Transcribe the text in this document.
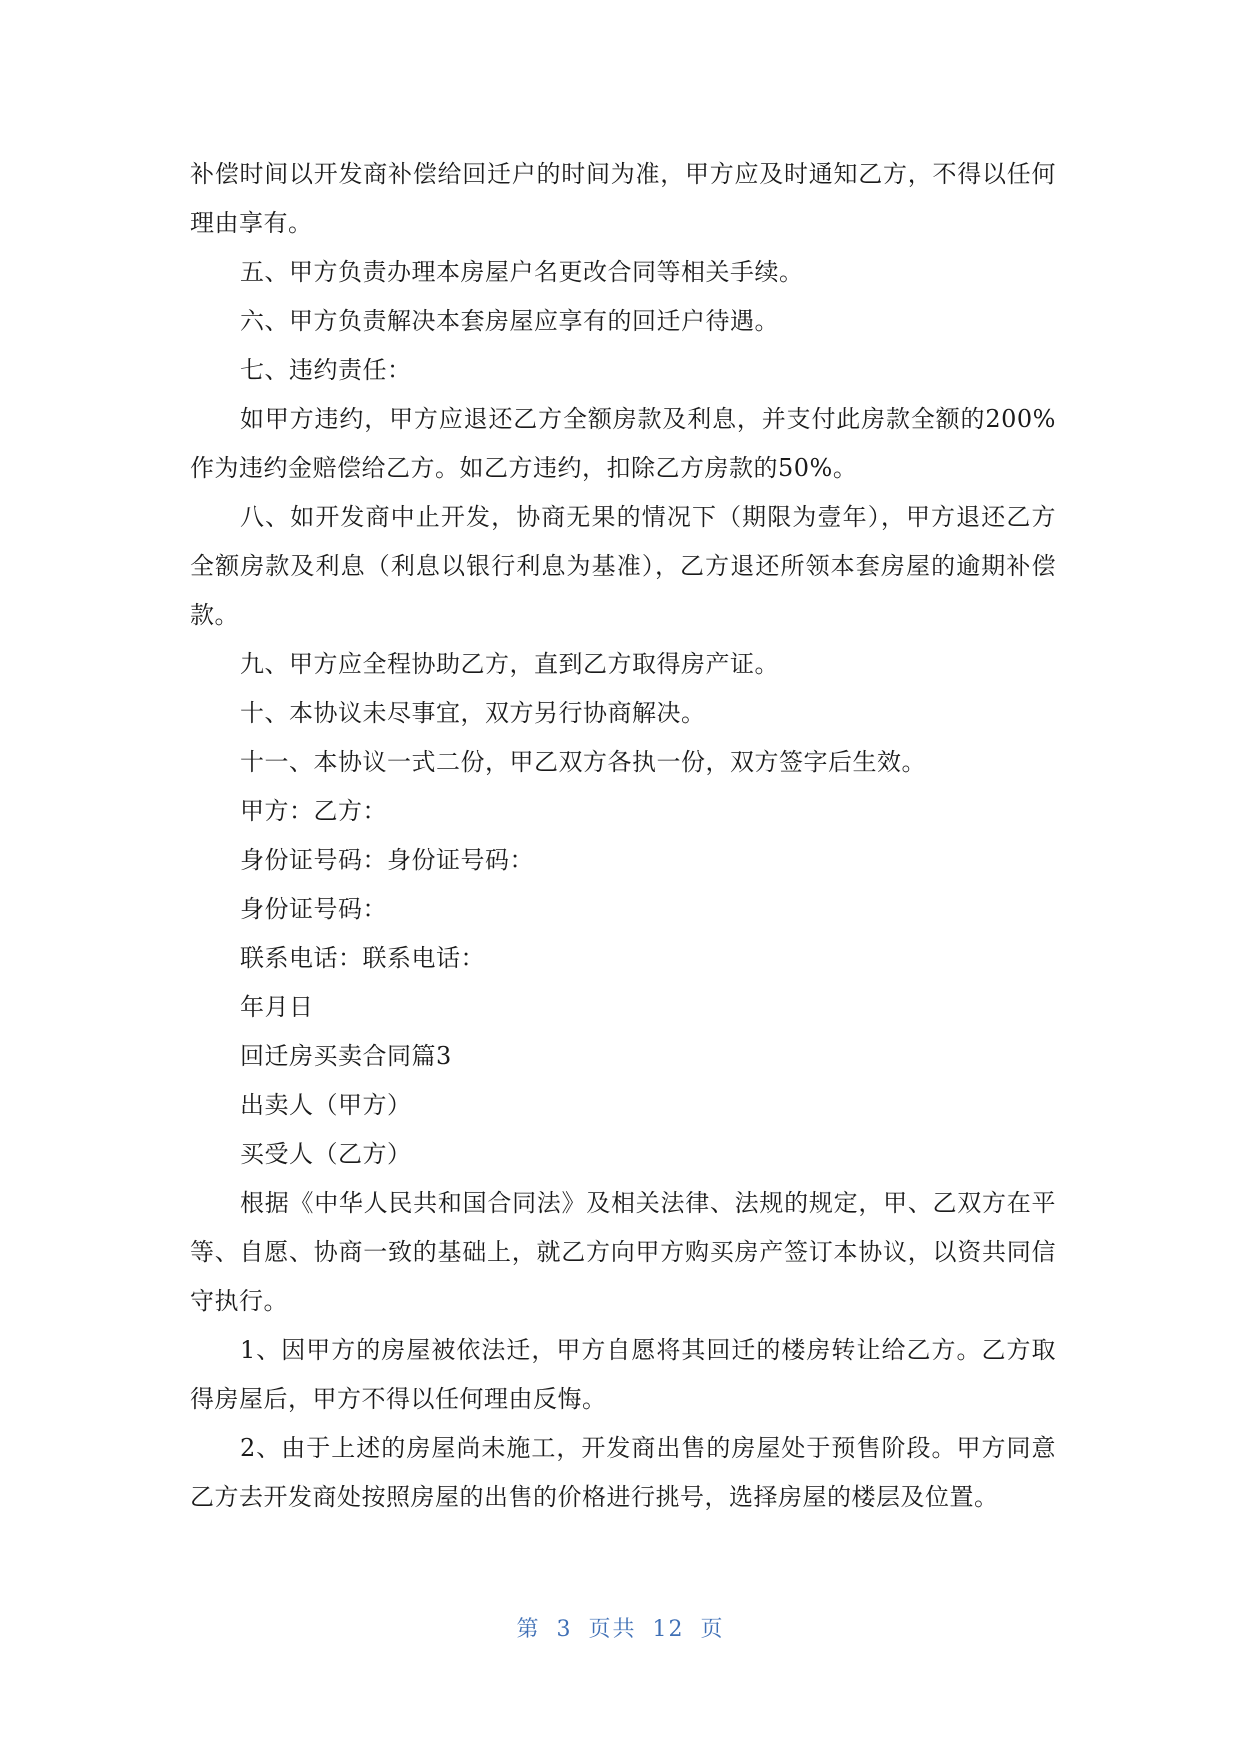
补偿时间以开发商补偿给回迁户的时间为准，甲方应及时通知乙方，不得以任何理由享有。

五、甲方负责办理本房屋户名更改合同等相关手续。

六、甲方负责解决本套房屋应享有的回迁户待遇。

七、违约责任：

如甲方违约，甲方应退还乙方全额房款及利息，并支付此房款全额的200%作为违约金赔偿给乙方。如乙方违约，扣除乙方房款的50%。

八、如开发商中止开发，协商无果的情况下（期限为壹年），甲方退还乙方全额房款及利息（利息以银行利息为基准），乙方退还所领本套房屋的逾期补偿款。

九、甲方应全程协助乙方，直到乙方取得房产证。

十、本协议未尽事宜，双方另行协商解决。

十一、本协议一式二份，甲乙双方各执一份，双方签字后生效。

甲方：乙方：

身份证号码：身份证号码：

身份证号码：

联系电话：联系电话：

年月日

回迁房买卖合同篇3

出卖人（甲方）

买受人（乙方）

根据《中华人民共和国合同法》及相关法律、法规的规定，甲、乙双方在平等、自愿、协商一致的基础上，就乙方向甲方购买房产签订本协议，以资共同信守执行。

1、因甲方的房屋被依法迁，甲方自愿将其回迁的楼房转让给乙方。乙方取得房屋后，甲方不得以任何理由反悔。

2、由于上述的房屋尚未施工，开发商出售的房屋处于预售阶段。甲方同意乙方去开发商处按照房屋的出售的价格进行挑号，选择房屋的楼层及位置。

第 3 页共 12 页
